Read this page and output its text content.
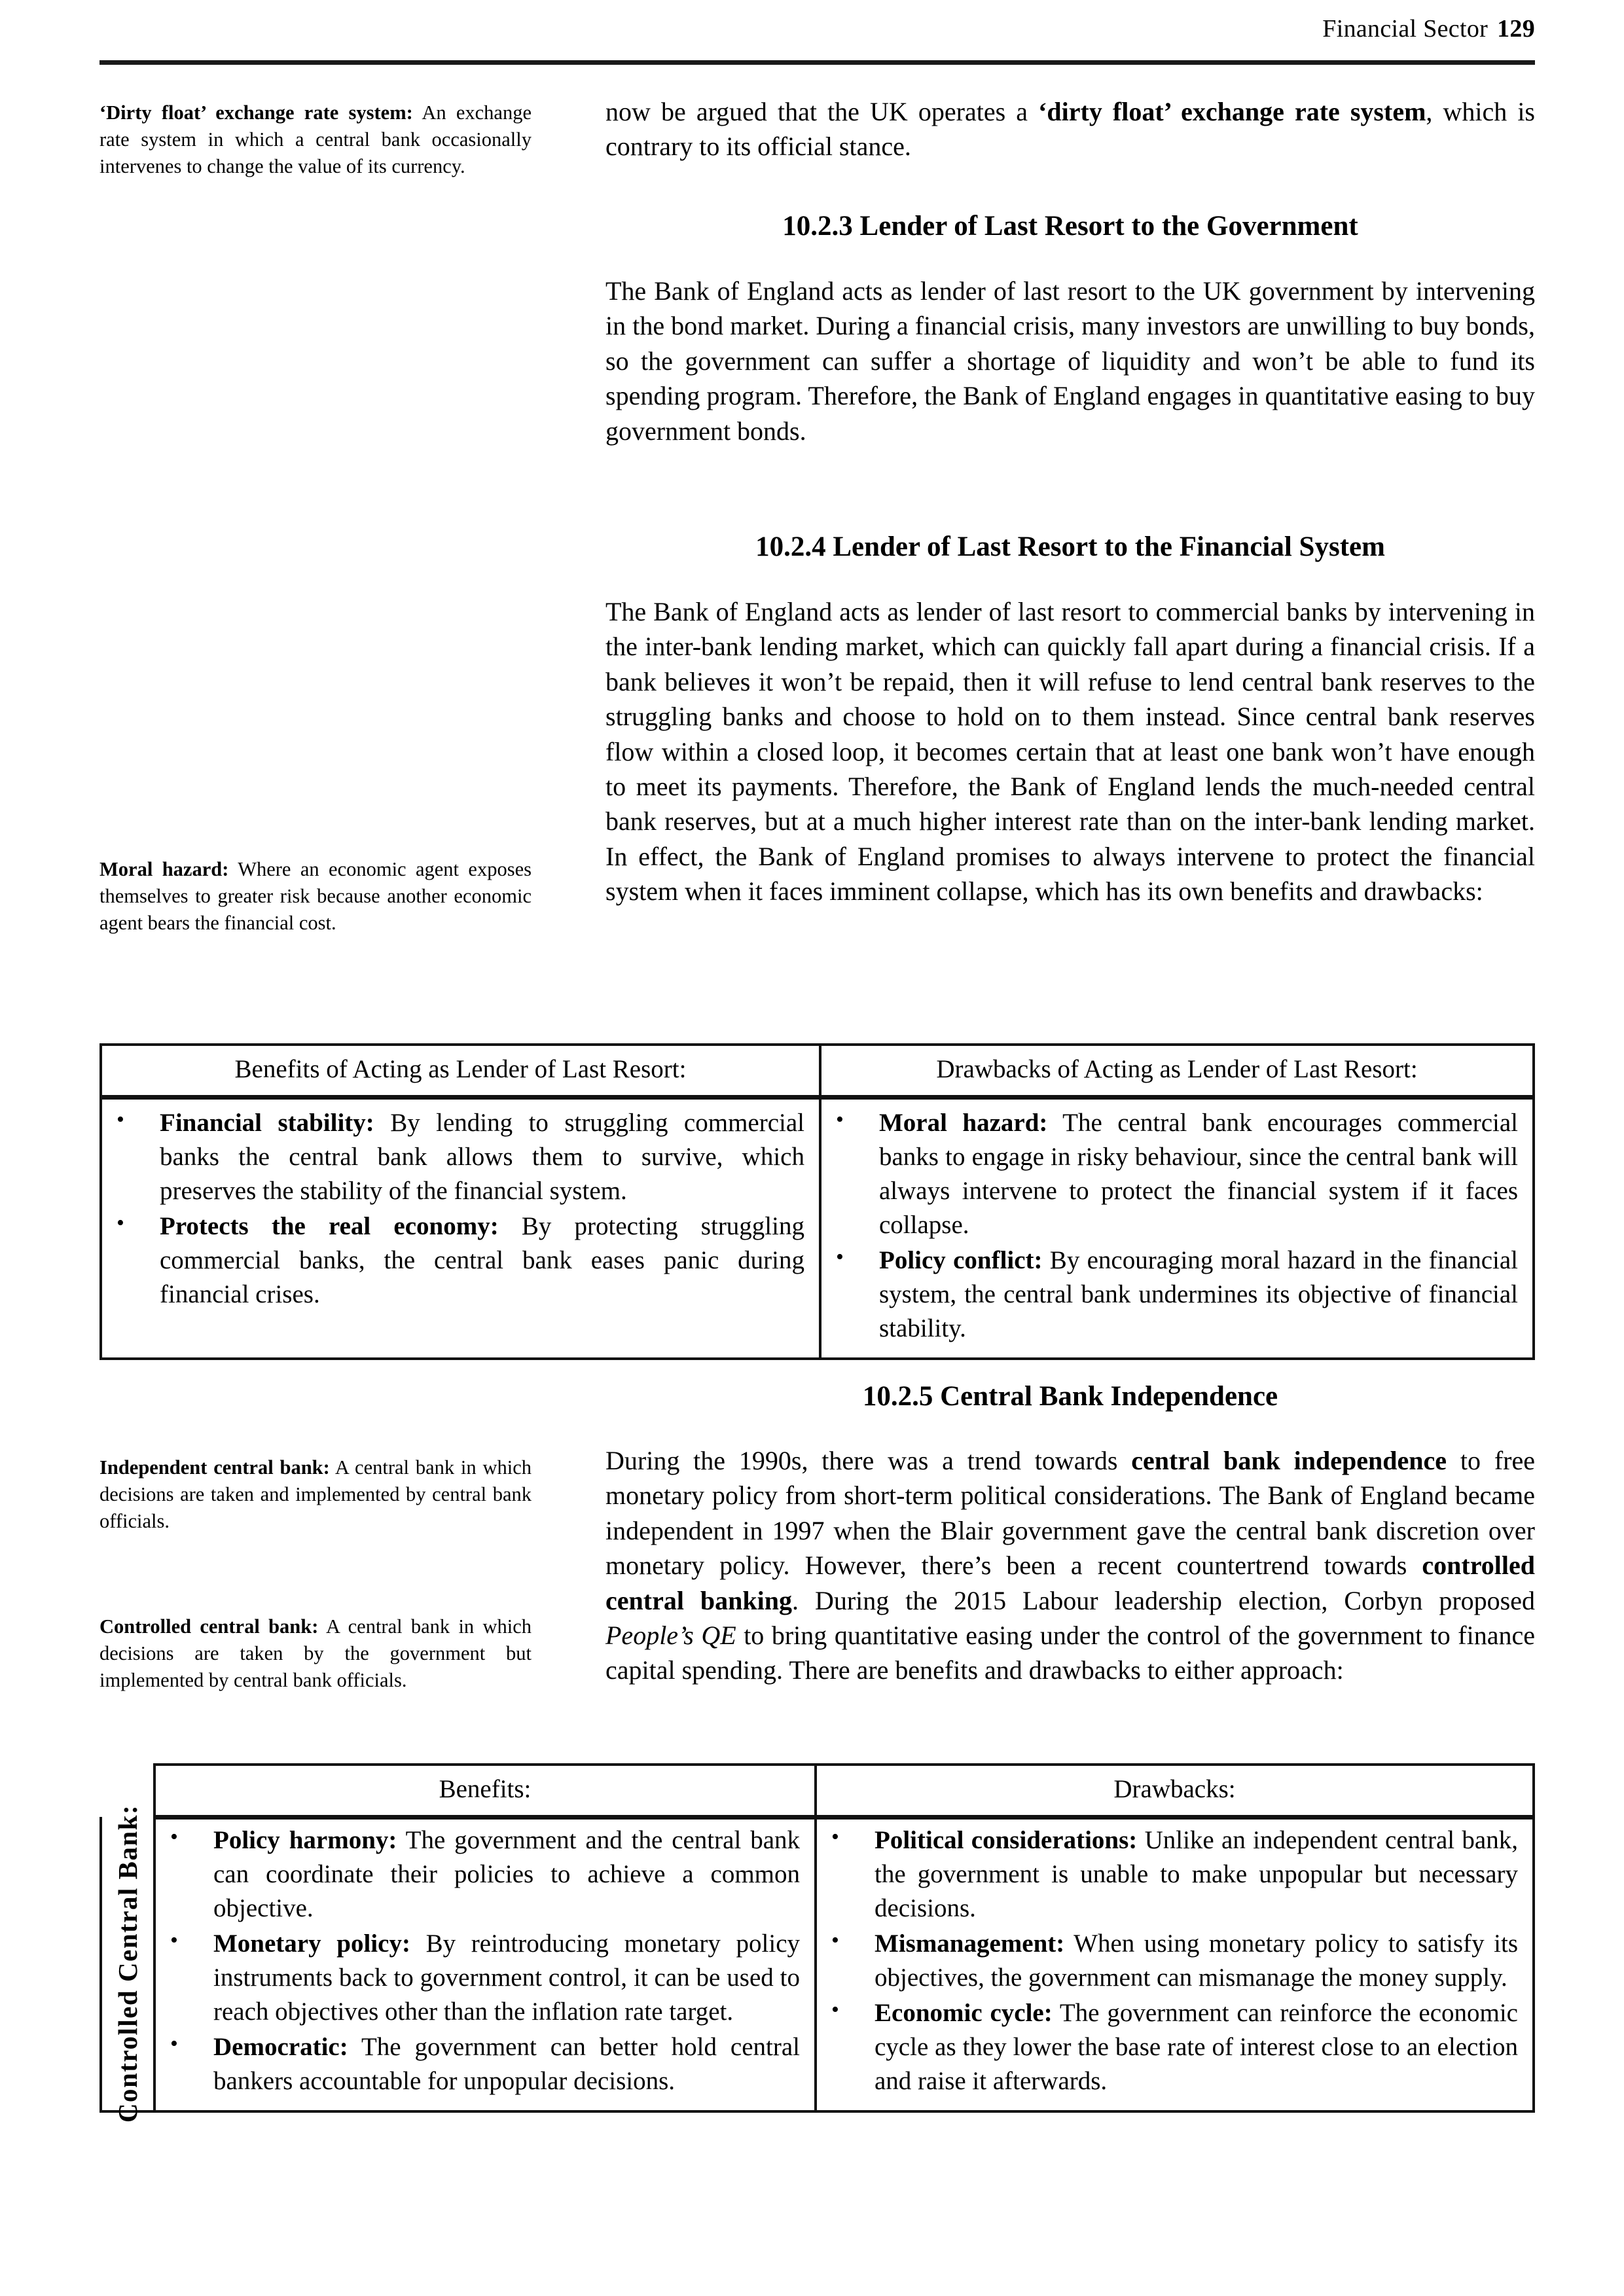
Financial Sector 129
‘Dirty float’ exchange rate system: An exchange rate system in which a central bank occasionally intervenes to change the value of its currency.
Moral hazard: Where an economic agent exposes themselves to greater risk because another economic agent bears the financial cost.
Independent central bank: A central bank in which decisions are taken and implemented by central bank officials.
Controlled central bank: A central bank in which decisions are taken by the government but implemented by central bank officials.
now be argued that the UK operates a ‘dirty float’ exchange rate system, which is contrary to its official stance.
10.2.3 Lender of Last Resort to the Government
The Bank of England acts as lender of last resort to the UK government by intervening in the bond market. During a financial crisis, many investors are unwilling to buy bonds, so the government can suffer a shortage of liquidity and won’t be able to fund its spending program. Therefore, the Bank of England engages in quantitative easing to buy government bonds.
10.2.4 Lender of Last Resort to the Financial System
The Bank of England acts as lender of last resort to commercial banks by intervening in the inter-bank lending market, which can quickly fall apart during a financial crisis. If a bank believes it won’t be repaid, then it will refuse to lend central bank reserves to the struggling banks and choose to hold on to them instead. Since central bank reserves flow within a closed loop, it becomes certain that at least one bank won’t have enough to meet its payments. Therefore, the Bank of England lends the much-needed central bank reserves, but at a much higher interest rate than on the inter-bank lending market. In effect, the Bank of England promises to always intervene to protect the financial system when it faces imminent collapse, which has its own benefits and drawbacks:
Benefits of Acting as Lender of Last Resort:	Drawbacks of Acting as Lender of Last Resort:
• Financial stability: By lending to struggling commercial banks the central bank allows them to survive, which preserves the stability of the financial system.
• Protects the real economy: By protecting struggling commercial banks, the central bank eases panic during financial crises.
• Moral hazard: The central bank encourages commercial banks to engage in risky behaviour, since the central bank will always intervene to protect the financial system if it faces collapse.
• Policy conflict: By encouraging moral hazard in the financial system, the central bank undermines its objective of financial stability.
10.2.5 Central Bank Independence
During the 1990s, there was a trend towards central bank independence to free monetary policy from short-term political considerations. The Bank of England became independent in 1997 when the Blair government gave the central bank discretion over monetary policy. However, there’s been a recent countertrend towards controlled central banking. During the 2015 Labour leadership election, Corbyn proposed People’s QE to bring quantitative easing under the control of the government to finance capital spending. There are benefits and drawbacks to either approach:
Benefits:	Drawbacks:
Controlled Central Bank:	• Policy harmony: The government and the central bank can coordinate their policies to achieve a common objective.
• Monetary policy: By reintroducing monetary policy instruments back to government control, it can be used to reach objectives other than the inflation rate target.
• Democratic: The government can better hold central bankers accountable for unpopular decisions.
• Political considerations: Unlike an independent central bank, the government is unable to make unpopular but necessary decisions.
• Mismanagement: When using monetary policy to satisfy its objectives, the government can mismanage the money supply.
• Economic cycle: The government can reinforce the economic cycle as they lower the base rate of interest close to an election and raise it afterwards.
